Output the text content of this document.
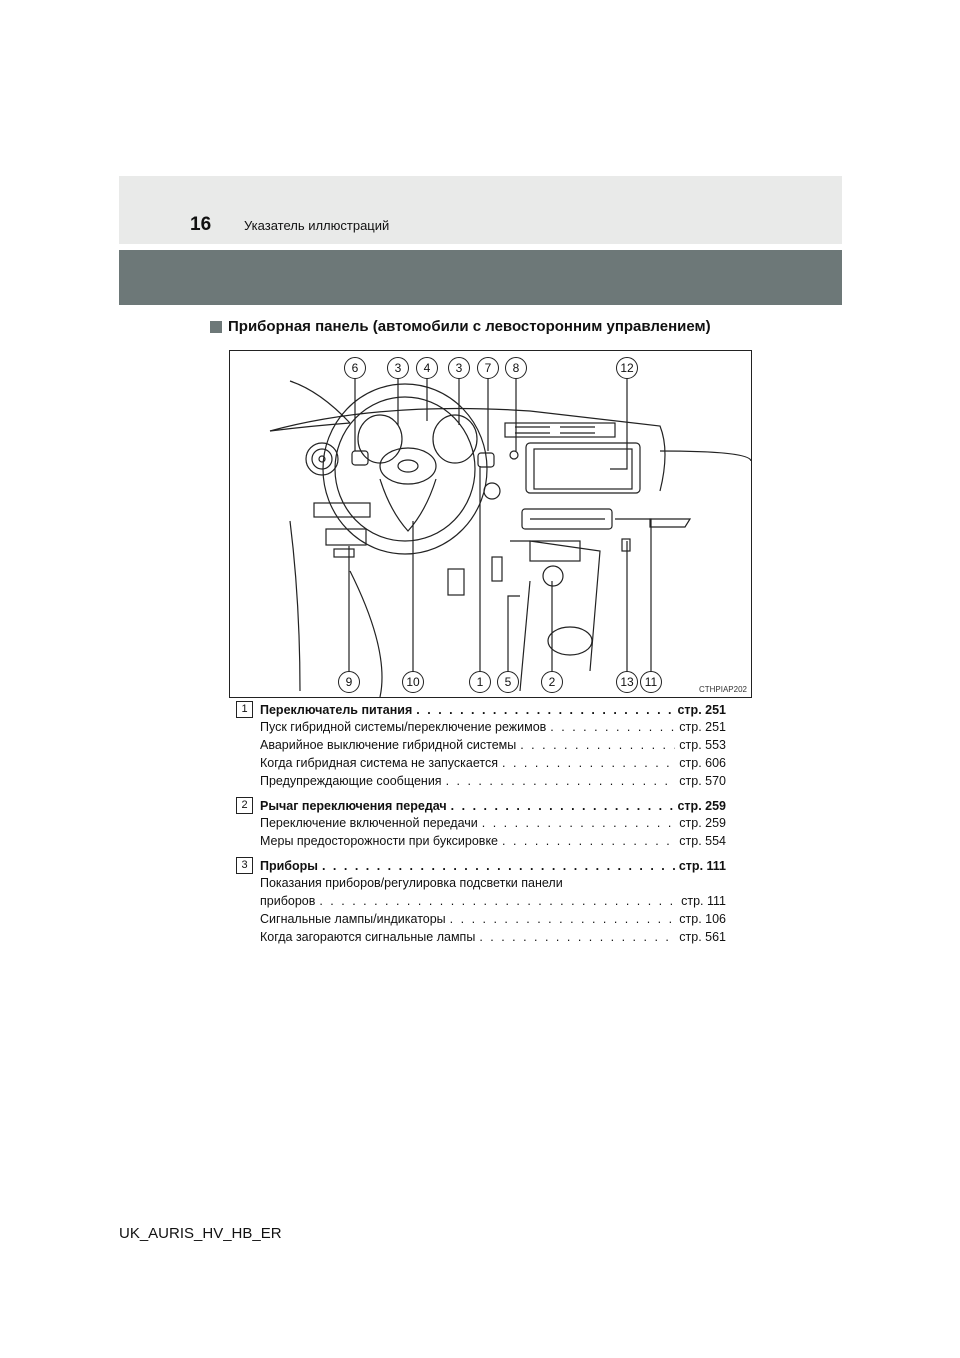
16	Указатель иллюстраций
Приборная панель (автомобили с левосторонним управлением)
6	3	4	3	7	8	12
9	10	1	5	2	13 11
CTHPIAP202
1 Переключатель питания . . .	стр. 251
Пуск гибридной системы/переключение режимов . . .	стр. 251
Аварийное выключение гибридной системы . . .	стр. 553
Когда гибридная система не запускается . . .	стр. 606
Предупреждающие сообщения . . .	стр. 570
2 Рычаг переключения передач . . .	стр. 259
Переключение включенной передачи . . .	стр. 259
Меры предосторожности при буксировке . . .	стр. 554
3 Приборы . . .	стр. 111
Показания приборов/регулировка подсветки панели
приборов . . .	стр. 111
Сигнальные лампы/индикаторы . . .	стр. 106
Когда загораются сигнальные лампы . . .	стр. 561
UK_AURIS_HV_HB_ER
